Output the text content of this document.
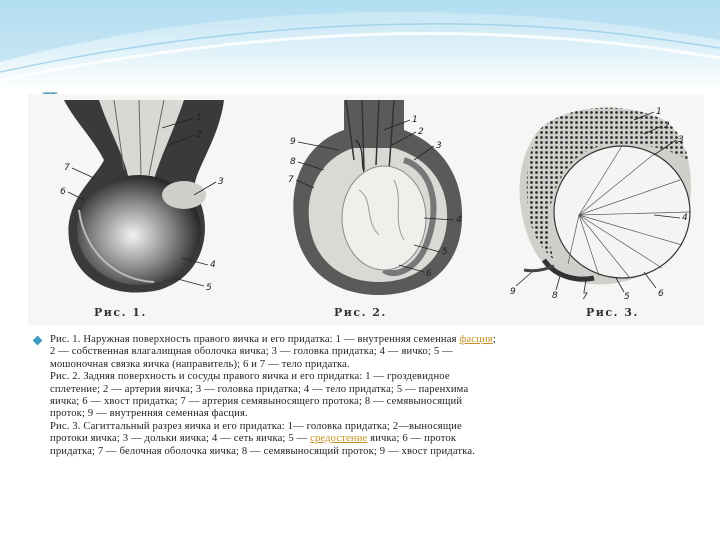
1
2
3
7
6
4
5
1
2
3
9
8
7
4
5
6
1
2
3
4
9	8	7	5	6
Рис. 1.	Рис. 2.	Рис. 3.
Рис. 1. Наружная поверхность правого яичка и его придатка: 1 — внутренняя семенная фасция;
2 — собственная влагалищная оболочка яичка; 3 — головка придатка; 4 — яичко; 5 —
мошоночная связка яичка (направитель); 6 и 7 — тело придатка.
Рис. 2. Задняя поверхность и сосуды правого яичка и его придатка: 1 — гроздевидное
сплетение; 2 — артерия яичка; 3 — головка придатка; 4 — тело придатка; 5 — паренхима
яичка; 6 — хвост придатка; 7 — артерия семявыносящего протока; 8 — семявыносящий
проток; 9 — внутренняя семенная фасция.
Рис. 3. Сагиттальный разрез яичка и его придатка: 1— головка придатка; 2—выносящие
протоки яичка; 3 — дольки яичка; 4 — сеть яичка; 5 — средостение яичка; 6 — проток
придатка; 7 — белочная оболочка яичка; 8 — семявыносящий проток; 9 — хвост придатка.
